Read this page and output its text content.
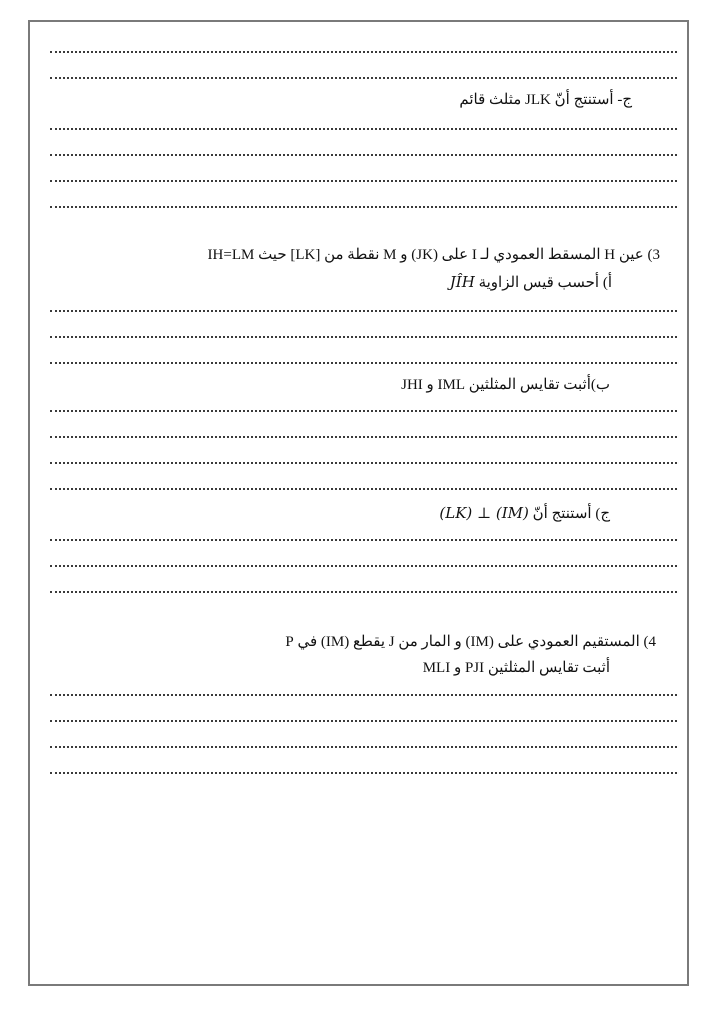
ج- أستنتج أنّ JLK مثلث قائم
3) عين H المسقط العمودي لـ I على (JK) و M نقطة من [LK] حيث IH=LM
أ) أحسب قيس الزاوية JÎH
ب)أثبت تقايس المثلثين IML و JHI
ج) أستنتج أنّ (LK) ⊥ (IM)
4) المستقيم العمودي على (IM) و المار من J يقطع (IM) في P
أثبت تقايس المثلثين PJI و MLI
